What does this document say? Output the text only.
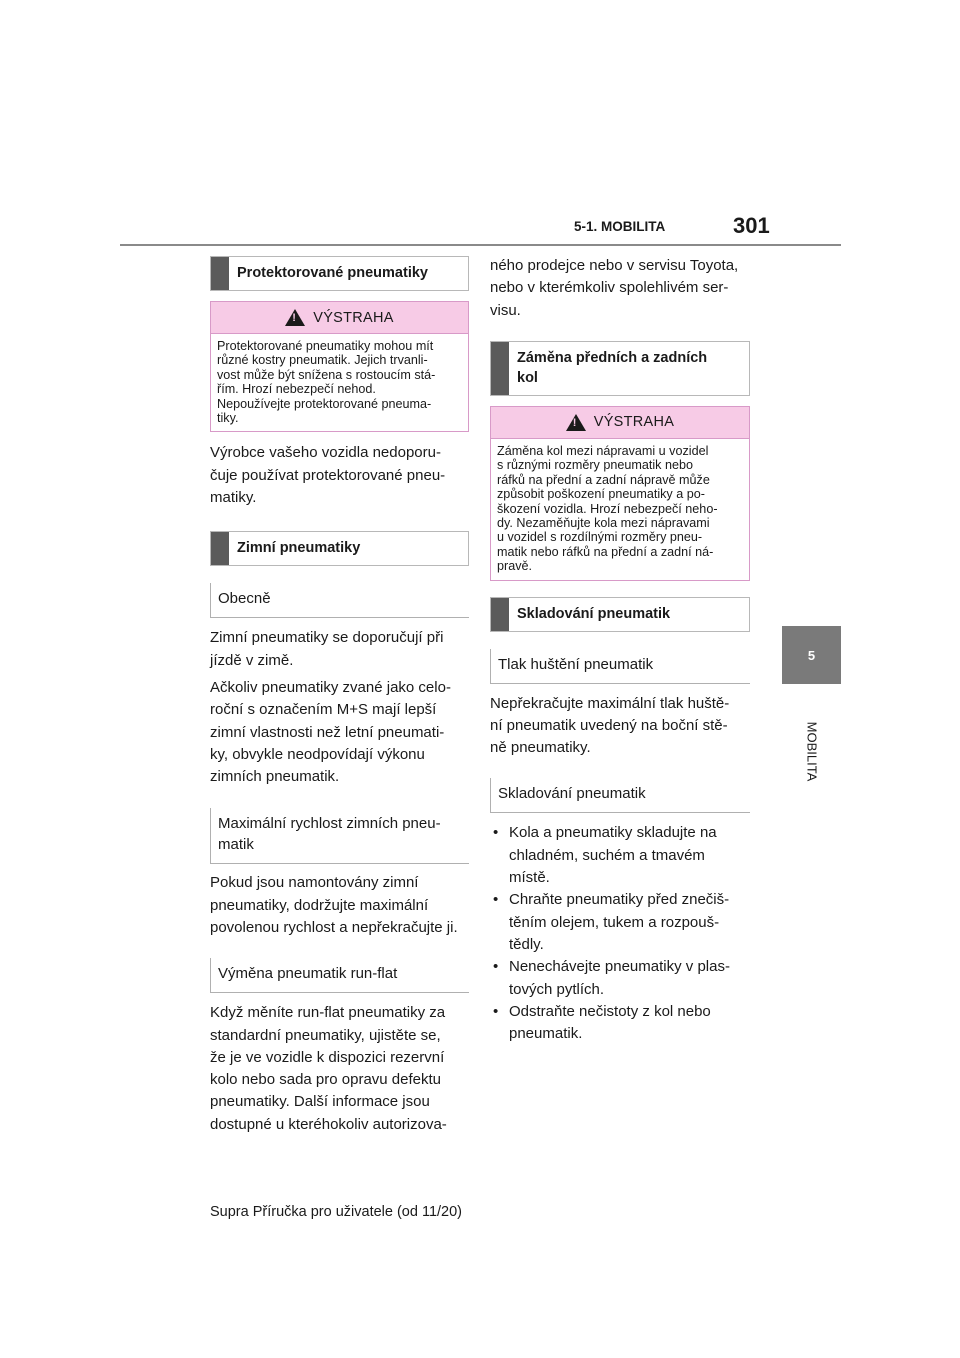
5-1. MOBILITA	301
5
MOBILITA
Protektorované pneumatiky
!
VÝSTRAHA
Protektorované pneumatiky mohou mít
různé kostry pneumatik. Jejich trvanli-
vost může být snížena s rostoucím stá-
řím. Hrozí nebezpečí nehod.
Nepoužívejte protektorované pneuma-
tiky.
Výrobce vašeho vozidla nedoporu-
čuje používat protektorované pneu-
matiky.
Zimní pneumatiky
Obecně
Zimní pneumatiky se doporučují při
jízdě v zimě.
Ačkoliv pneumatiky zvané jako celo-
roční s označením M+S mají lepší
zimní vlastnosti než letní pneumati-
ky, obvykle neodpovídají výkonu
zimních pneumatik.
Maximální rychlost zimních pneu-
matik
Pokud jsou namontovány zimní
pneumatiky, dodržujte maximální
povolenou rychlost a nepřekračujte ji.
Výměna pneumatik run-flat
Když měníte run-flat pneumatiky za
standardní pneumatiky, ujistěte se,
že je ve vozidle k dispozici rezervní
kolo nebo sada pro opravu defektu
pneumatiky. Další informace jsou
dostupné u kteréhokoliv autorizova-
ného prodejce nebo v servisu Toyota,
nebo v kterémkoliv spolehlivém ser-
visu.
Záměna předních a zadních
kol
!
VÝSTRAHA
Záměna kol mezi nápravami u vozidel
s různými rozměry pneumatik nebo
ráfků na přední a zadní nápravě může
způsobit poškození pneumatiky a po-
škození vozidla. Hrozí nebezpečí neho-
dy. Nezaměňujte kola mezi nápravami
u vozidel s rozdílnými rozměry pneu-
matik nebo ráfků na přední a zadní ná-
pravě.
Skladování pneumatik
Tlak huštění pneumatik
Nepřekračujte maximální tlak huště-
ní pneumatik uvedený na boční stě-
ně pneumatiky.
Skladování pneumatik
• Kola a pneumatiky skladujte na
chladném, suchém a tmavém
místě.
• Chraňte pneumatiky před znečiš-
těním olejem, tukem a rozpouš-
tědly.
• Nenechávejte pneumatiky v plas-
tových pytlích.
• Odstraňte nečistoty z kol nebo
pneumatik.
Supra Příručka pro uživatele (od 11/20)
